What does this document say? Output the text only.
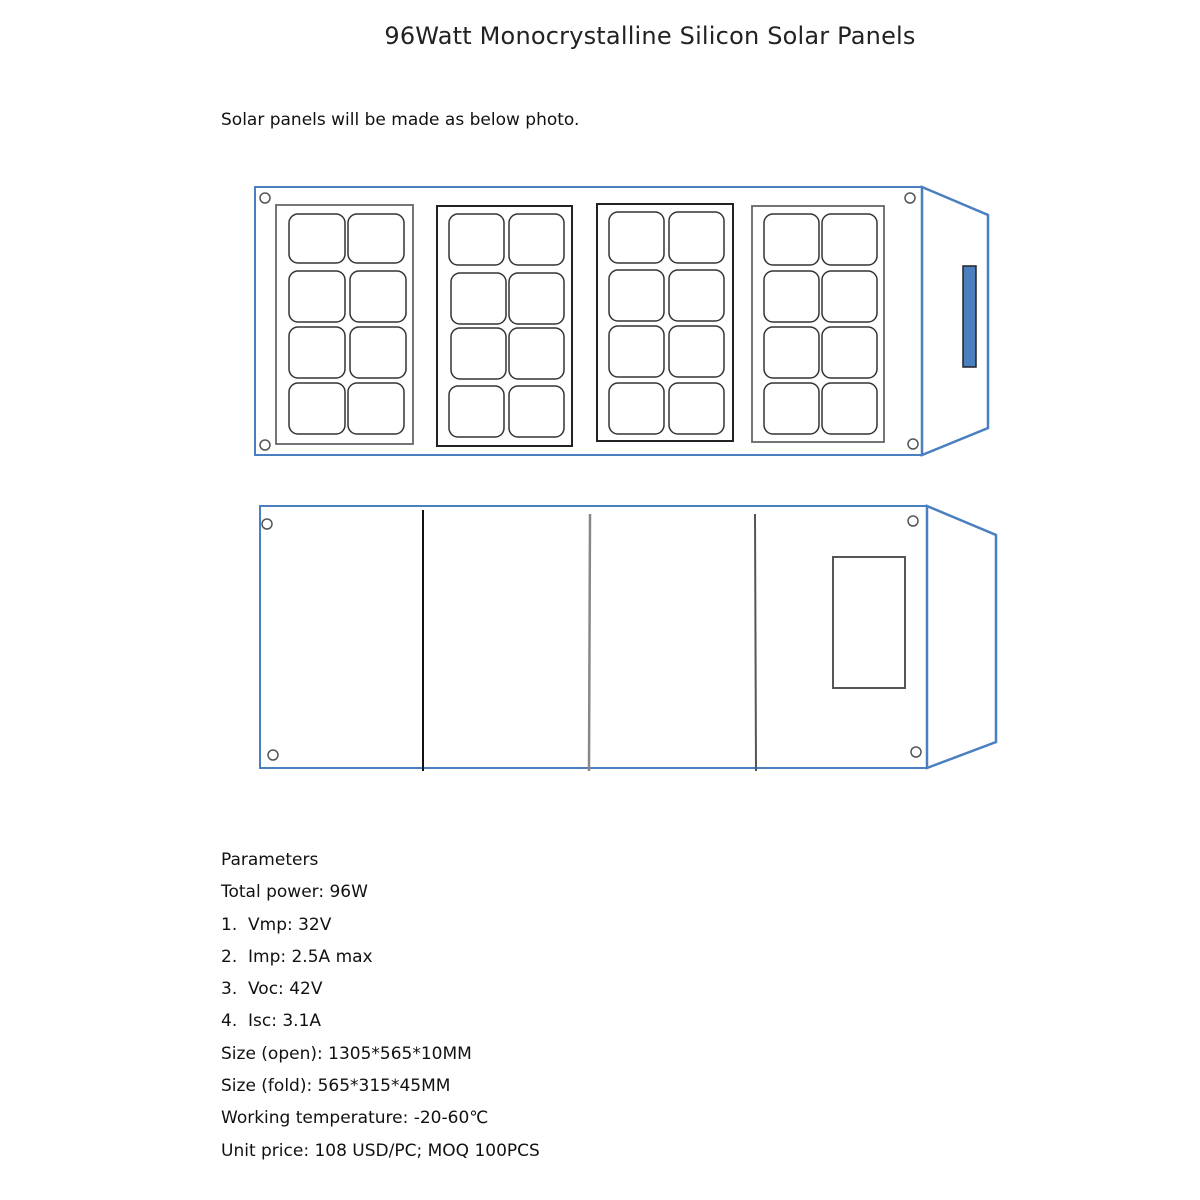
96Watt Monocrystalline Silicon Solar Panels
Solar panels will be made as below photo.
Parameters
Total power: 96W
1. Vmp: 32V
2. Imp: 2.5A max
3. Voc: 42V
4. Isc: 3.1A
Size (open): 1305*565*10MM
Size (fold): 565*315*45MM
Working temperature: -20-60℃
Unit price: 108 USD/PC; MOQ 100PCS
